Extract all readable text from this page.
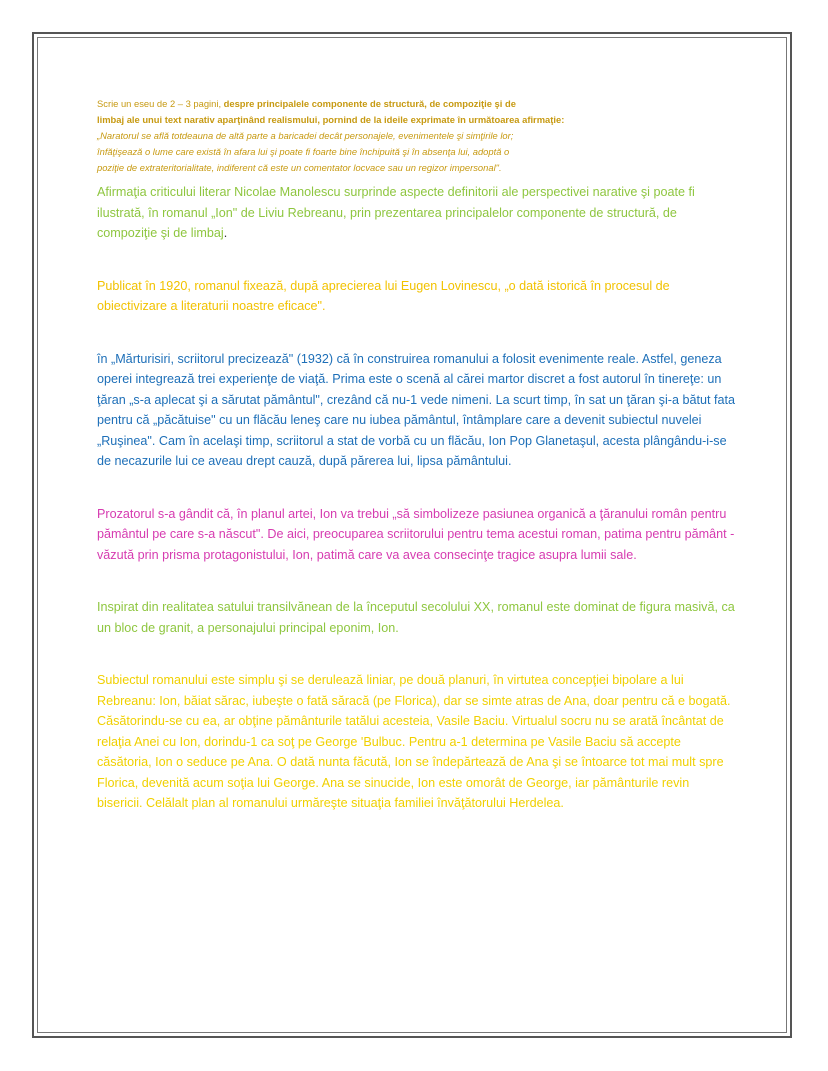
Scrie un eseu de 2 – 3 pagini, despre principalele componente de structură, de compoziţie şi de
limbaj ale unui text narativ aparţinând realismului, pornind de la ideile exprimate în următoarea afirmaţie:
„Naratorul se află totdeauna de altă parte a baricadei decât personajele, evenimentele şi simţirile lor;
înfăţişează o lume care există în afara lui şi poate fi foarte bine închipuită şi în absenţa lui, adoptă o
poziţie de extrateritorialitate, indiferent că este un comentator locvace sau un regizor impersonal".

Afirmaţia criticului literar Nicolae Manolescu surprinde aspecte definitorii ale perspectivei narative şi poate fi ilustrată, în romanul „Ion" de Liviu Rebreanu, prin prezentarea principalelor componente de structură, de compoziţie şi de limbaj.

Publicat în 1920, romanul fixează, după aprecierea lui Eugen Lovinescu, „o dată istorică în procesul de obiectivizare a literaturii noastre eficace".

în „Mărturisiri, scriitorul precizează" (1932) că în construirea romanului a folosit evenimente reale. Astfel, geneza operei integrează trei experienţe de viaţă. Prima este o scenă al cărei martor discret a fost autorul în tinereţe: un ţăran „s-a aplecat şi a sărutat pământul", crezând că nu-1 vede nimeni. La scurt timp, în sat un ţăran şi-a bătut fata pentru că „păcătuise" cu un flăcău leneş care nu iubea pământul, întâmplare care a devenit subiectul nuvelei „Ruşinea". Cam în acelaşi timp, scriitorul a stat de vorbă cu un flăcău, Ion Pop Glanetaşul, acesta plângându-i-se de necazurile lui ce aveau drept cauză, după părerea lui, lipsa pământului.

Prozatorul s-a gândit că, în planul artei, Ion va trebui „să simbolizeze pasiunea organică a ţăranului român pentru pământul pe care s-a născut". De aici, preocuparea scriitorului pentru tema acestui roman, patima pentru pământ - văzută prin prisma protagonistului, Ion, patimă care va avea consecinţe tragice asupra lumii sale.

Inspirat din realitatea satului transilvănean de la începutul secolului XX, romanul este dominat de figura masivă, ca un bloc de granit, a personajului principal eponim, Ion.

Subiectul romanului este simplu şi se derulează liniar, pe două planuri, în virtutea concepţiei bipolare a lui Rebreanu: Ion, băiat sărac, iubeşte o fată săracă (pe Florica), dar se simte atras de Ana, doar pentru că e bogată. Căsătorindu-se cu ea, ar obţine pământurile tatălui acesteia, Vasile Baciu. Virtualul socru nu se arată încântat de relaţia Anei cu Ion, dorindu-1 ca soţ pe George 'Bulbuc. Pentru a-1 determina pe Vasile Baciu să accepte căsătoria, Ion o seduce pe Ana. O dată nunta făcută, Ion se îndepărtează de Ana şi se întoarce tot mai mult spre Florica, devenită acum soţia lui George. Ana se sinucide, Ion este omorât de George, iar pământurile revin bisericii. Celălalt plan al romanului urmăreşte situaţia familiei învăţătorului Herdelea.
